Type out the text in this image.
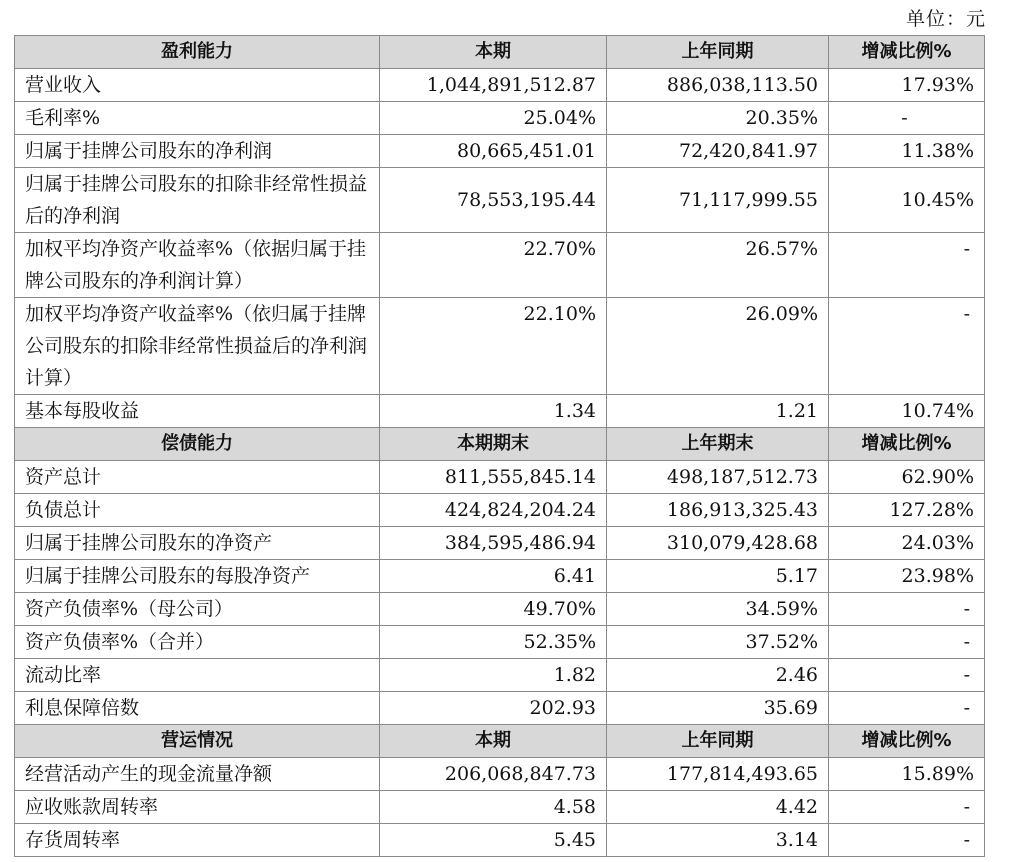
单位：元
盈利能力	本期	上年同期	增减比例%
营业收入	1,044,891,512.87	886,038,113.50	17.93%
毛利率%	25.04%	20.35%	-
归属于挂牌公司股东的净利润	80,665,451.01	72,420,841.97	11.38%
归属于挂牌公司股东的扣除非经常性损益后的净利润	78,553,195.44	71,117,999.55	10.45%
加权平均净资产收益率%（依据归属于挂牌公司股东的净利润计算）	22.70%	26.57%	-
加权平均净资产收益率%（依归属于挂牌公司股东的扣除非经常性损益后的净利润计算）	22.10%	26.09%	-
基本每股收益	1.34	1.21	10.74%
偿债能力	本期期末	上年期末	增减比例%
资产总计	811,555,845.14	498,187,512.73	62.90%
负债总计	424,824,204.24	186,913,325.43	127.28%
归属于挂牌公司股东的净资产	384,595,486.94	310,079,428.68	24.03%
归属于挂牌公司股东的每股净资产	6.41	5.17	23.98%
资产负债率%（母公司）	49.70%	34.59%	-
资产负债率%（合并）	52.35%	37.52%	-
流动比率	1.82	2.46	-
利息保障倍数	202.93	35.69	-
营运情况	本期	上年同期	增减比例%
经营活动产生的现金流量净额	206,068,847.73	177,814,493.65	15.89%
应收账款周转率	4.58	4.42	-
存货周转率	5.45	3.14	-
